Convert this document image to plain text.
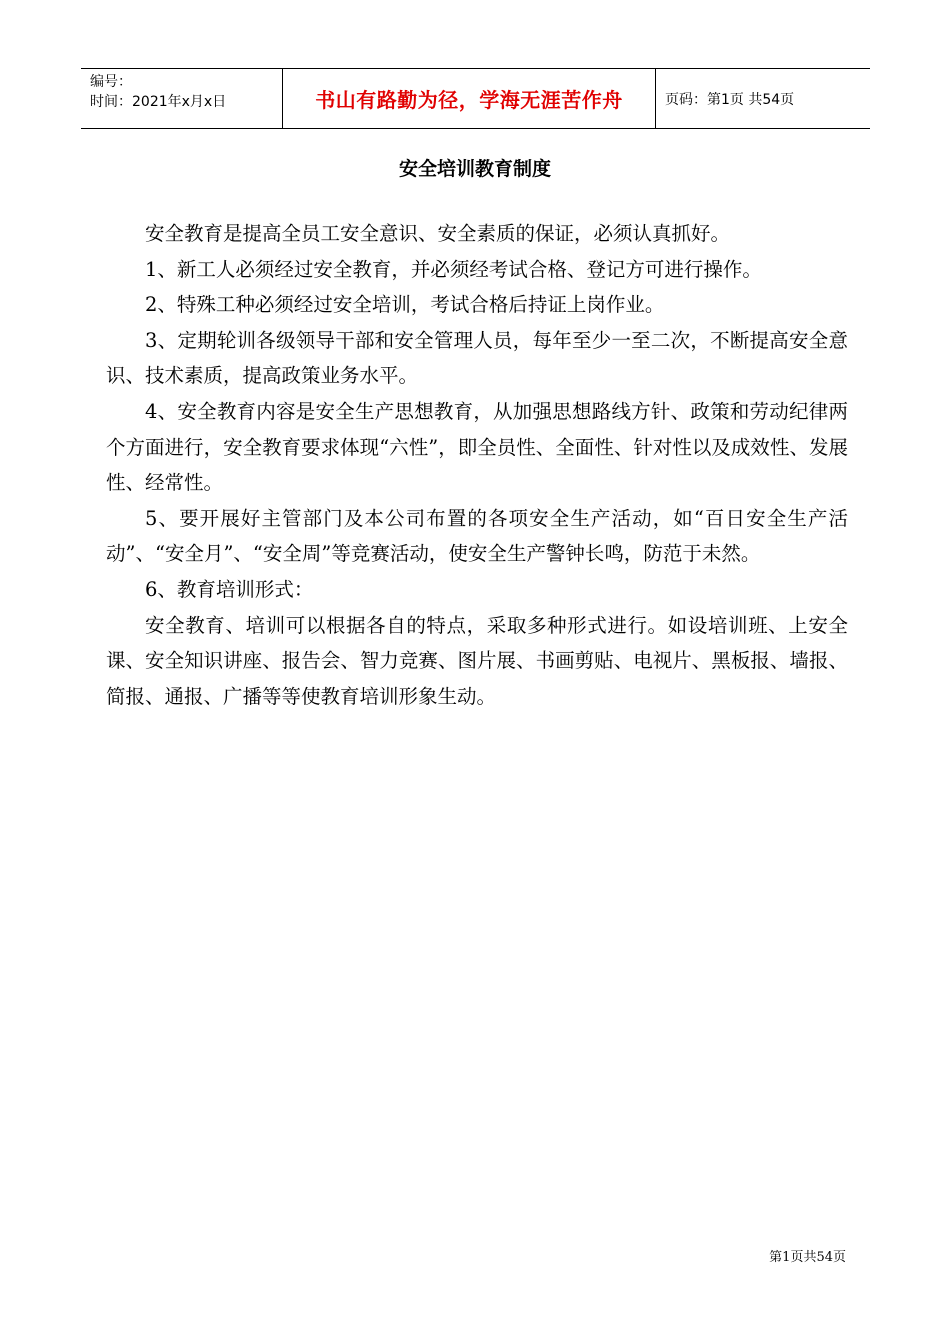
编号：
时间：2021年x月x日	书山有路勤为径，学海无涯苦作舟	页码：第1页 共54页
安全培训教育制度

安全教育是提高全员工安全意识、安全素质的保证，必须认真抓好。

1、新工人必须经过安全教育，并必须经考试合格、登记方可进行操作。

2、特殊工种必须经过安全培训，考试合格后持证上岗作业。

3、定期轮训各级领导干部和安全管理人员，每年至少一至二次，不断提高安全意识、技术素质，提高政策业务水平。

4、安全教育内容是安全生产思想教育，从加强思想路线方针、政策和劳动纪律两个方面进行，安全教育要求体现“六性”，即全员性、全面性、针对性以及成效性、发展性、经常性。

5、要开展好主管部门及本公司布置的各项安全生产活动，如“百日安全生产活动”、“安全月”、“安全周”等竞赛活动，使安全生产警钟长鸣，防范于未然。

6、教育培训形式：

安全教育、培训可以根据各自的特点，采取多种形式进行。如设培训班、上安全课、安全知识讲座、报告会、智力竞赛、图片展、书画剪贴、电视片、黑板报、墙报、简报、通报、广播等等使教育培训形象生动。

第1页共54页
